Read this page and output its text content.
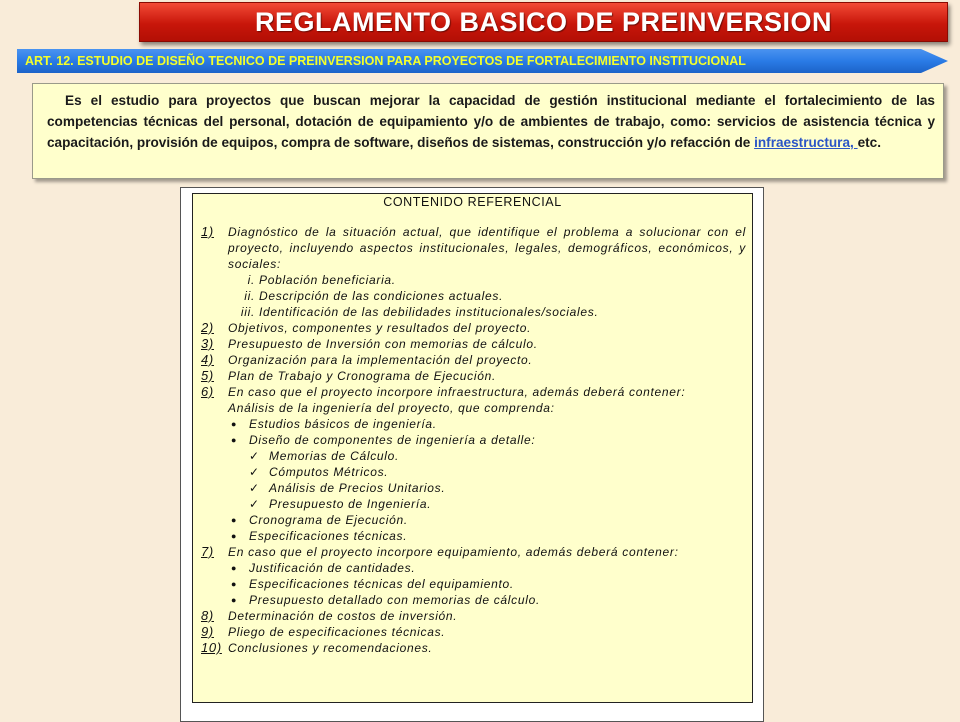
REGLAMENTO BASICO DE PREINVERSION
ART. 12. ESTUDIO DE DISEÑO TECNICO DE PREINVERSION PARA PROYECTOS DE FORTALECIMIENTO INSTITUCIONAL
Es el estudio para proyectos que buscan mejorar la capacidad de gestión institucional mediante el fortalecimiento de las competencias técnicas del personal, dotación de equipamiento y/o de ambientes de trabajo, como: servicios de asistencia técnica y capacitación, provisión de equipos, compra de software, diseños de sistemas, construcción y/o refacción de infraestructura, etc.
CONTENIDO REFERENCIAL
1) Diagnóstico de la situación actual, que identifique el problema a solucionar con el proyecto, incluyendo aspectos institucionales, legales, demográficos, económicos, y sociales:
i. Población beneficiaria.
ii. Descripción de las condiciones actuales.
iii. Identificación de las debilidades institucionales/sociales.
2) Objetivos, componentes y resultados del proyecto.
3) Presupuesto de Inversión con memorias de cálculo.
4) Organización para la implementación del proyecto.
5) Plan de Trabajo y Cronograma de Ejecución.
6) En caso que el proyecto incorpore infraestructura, además deberá contener:
Análisis de la ingeniería del proyecto, que comprenda:
● Estudios básicos de ingeniería.
● Diseño de componentes de ingeniería a detalle:
✓ Memorias de Cálculo.
✓ Cómputos Métricos.
✓ Análisis de Precios Unitarios.
✓ Presupuesto de Ingeniería.
● Cronograma de Ejecución.
● Especificaciones técnicas.
7) En caso que el proyecto incorpore equipamiento, además deberá contener:
● Justificación de cantidades.
● Especificaciones técnicas del equipamiento.
● Presupuesto detallado con memorias de cálculo.
8) Determinación de costos de inversión.
9) Pliego de especificaciones técnicas.
10) Conclusiones y recomendaciones.
